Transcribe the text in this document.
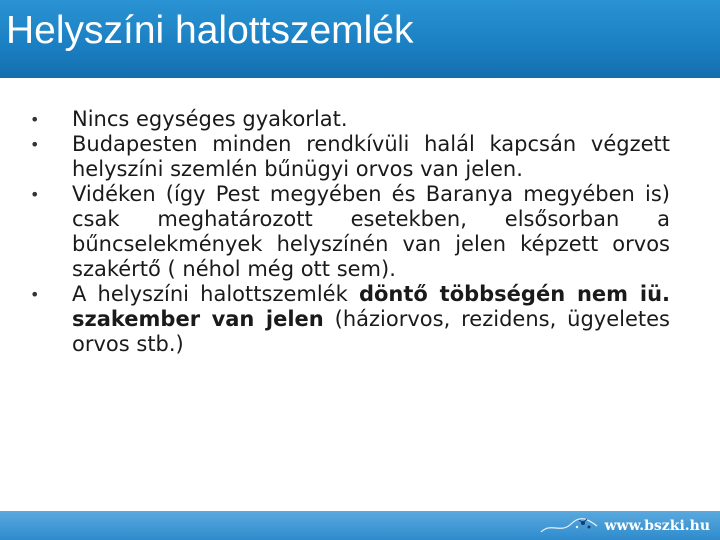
Helyszíni halottszemlék
•	Nincs egységes gyakorlat.
•	Budapesten minden rendkívüli halál kapcsán végzett helyszíni szemlén bűnügyi orvos van jelen.
•	Vidéken (így Pest megyében és Baranya megyében is) csak meghatározott esetekben, elsősorban a bűncselekmények helyszínén van jelen képzett orvos szakértő ( néhol még ott sem).
•	A helyszíni halottszemlék döntő többségén nem iü. szakember van jelen (háziorvos, rezidens, ügyeletes orvos stb.)
www.bszki.hu
